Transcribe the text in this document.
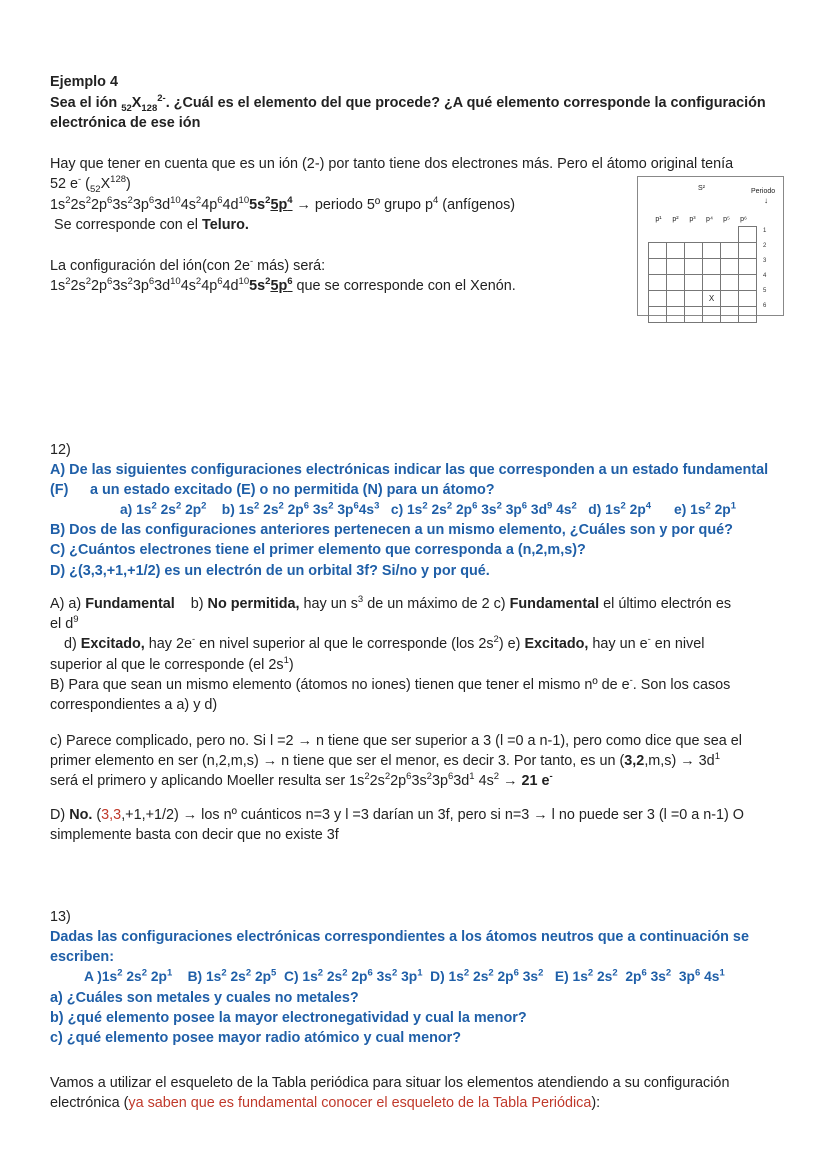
Ejemplo 4
Sea el ión $_{52}X_{128}^{2-}$. ¿Cuál es el elemento del que procede? ¿A qué elemento corresponde la configuración
electrónica de ese ión
Hay que tener en cuenta que es un ión (2-) por tanto tiene dos electrones más. Pero el átomo original tenía
52 e- $(_{52}X^{128})$
$1s^22s^22p^63s^23p^63d^{10}4s^24p^64d^{10}5s^25p^4$ → periodo 5º grupo $p^4$ (anfígenos)
Se corresponde con el Teluro.
La configuración del ión(con 2e- más) será:
$1s^22s^22p^63s^23p^63d^{10}4s^24p^64d^{10}5s^25p^6$ que se corresponde con el Xenón.
S²	Periodo
↓
p¹ p² p³ p⁴ p⁵ p⁶

			X		

1
2
3
4
5
6
12)
A) De las siguientes configuraciones electrónicas indicar las que corresponden a un estado fundamental (F)	a un estado excitado (E) o no permitida (N) para un átomo?
a) $1s^2$ $2s^2$ $2p^2$    b) $1s^2$ $2s^2$ $2p^6$ $3s^2$ $3p^64s^3$   c) $1s^2$ $2s^2$ $2p^6$ $3s^2$ $3p^6$ $3d^9$ $4s^2$   d) $1s^2$ $2p^4$      e) $1s^2$ $2p^1$
B) Dos de las configuraciones anteriores pertenecen a un mismo elemento, ¿Cuáles son y por qué?
C) ¿Cuántos electrones tiene el primer elemento que corresponda a (n,2,m,s)?
D) ¿(3,3,+1,+1/2) es un electrón de un orbital 3f? Si/no y por qué.
A) a) Fundamental b) No permitida, hay un $s^3$ de un máximo de 2 c) Fundamental el último electrón es
el $d^9$
d) Excitado, hay 2e- en nivel superior al que le corresponde (los $2s^2$) e) Excitado, hay un e- en nivel
superior al que le corresponde (el $2s^1$)
B) Para que sean un mismo elemento (átomos no iones) tienen que tener el mismo nº de e-. Son los casos
correspondientes a a) y d)
c) Parece complicado, pero no. Si l =2 → n tiene que ser superior a 3 (l =0 a n-1), pero como dice que sea el
primer elemento en ser (n,2,m,s) → n tiene que ser el menor, es decir 3. Por tanto, es un $(3,2,m,s) \to 3d^1$
será el primero y aplicando Moeller resulta ser $1s^22s^22p^63s^23p^63d^1$ $4s^2 \to 21$ e-
D) No. (3,3,+1,+1/2) → los nº cuánticos n=3 y l =3 darían un 3f, pero si n=3 → l no puede ser 3 (l =0 a n-1) O
simplemente basta con decir que no existe 3f
13)
Dadas las configuraciones electrónicas correspondientes a los átomos neutros que a continuación se
escriben:
A )$1s^2$ $2s^2$ $2p^1$    B) $1s^2$ $2s^2$ $2p^5$  C) $1s^2$ $2s^2$ $2p^6$ $3s^2$ $3p^1$  D) $1s^2$ $2s^2$ $2p^6$ $3s^2$   E) $1s^2$ $2s^2$  $2p^6$ $3s^2$  $3p^6$ $4s^1$
a) ¿Cuáles son metales y cuales no metales?
b) ¿qué elemento posee la mayor electronegatividad y cual la menor?
c) ¿qué elemento posee mayor radio atómico y cual menor?
Vamos a utilizar el esqueleto de la Tabla periódica para situar los elementos atendiendo a su configuración
electrónica (ya saben que es fundamental conocer el esqueleto de la Tabla Periódica):
